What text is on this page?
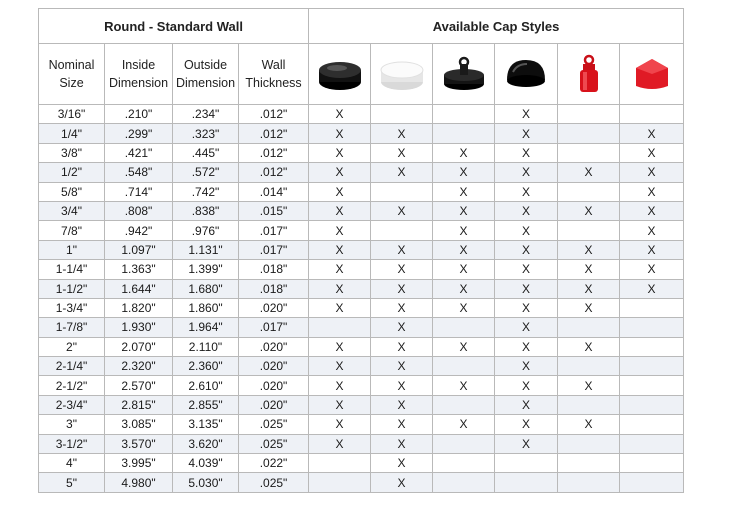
Round - Standard Wall				Available Cap Styles					
Nominal Size	Inside Dimension	Outside Dimension	Wall Thickness	

3/16"	.210"	.234"	.012"	X			X		
1/4"	.299"	.323"	.012"	X	X		X		X
3/8"	.421"	.445"	.012"	X	X	X	X		X
1/2"	.548"	.572"	.012"	X	X	X	X	X	X
5/8"	.714"	.742"	.014"	X		X	X		X
3/4"	.808"	.838"	.015"	X	X	X	X	X	X
7/8"	.942"	.976"	.017"	X		X	X		X
1"	1.097"	1.131"	.017"	X	X	X	X	X	X
1-1/4"	1.363"	1.399"	.018"	X	X	X	X	X	X
1-1/2"	1.644"	1.680"	.018"	X	X	X	X	X	X
1-3/4"	1.820"	1.860"	.020"	X	X	X	X	X	
1-7/8"	1.930"	1.964"	.017"		X		X		
2"	2.070"	2.110"	.020"	X	X	X	X	X	
2-1/4"	2.320"	2.360"	.020"	X	X		X		
2-1/2"	2.570"	2.610"	.020"	X	X	X	X	X	
2-3/4"	2.815"	2.855"	.020"	X	X		X		
3"	3.085"	3.135"	.025"	X	X	X	X	X	
3-1/2"	3.570"	3.620"	.025"	X	X		X		
4"	3.995"	4.039"	.022"		X				
5"	4.980"	5.030"	.025"		X				
